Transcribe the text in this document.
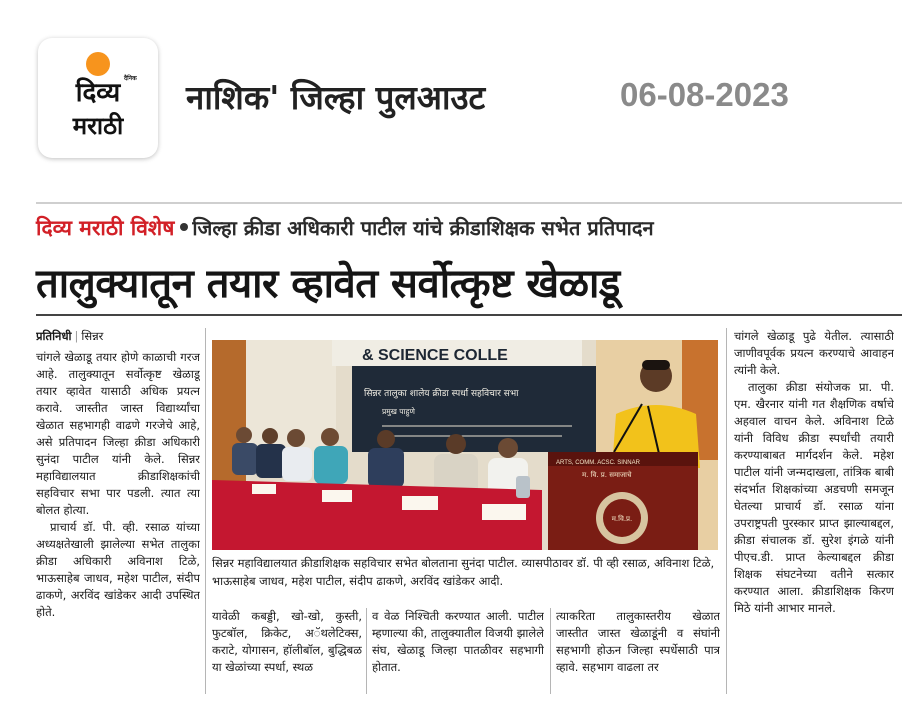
दैनिक
दिव्य
मराठी
नाशिक' जिल्हा पुलआउट	06-08-2023
दिव्य मराठी विशेष जिल्हा क्रीडा अधिकारी पाटील यांचे क्रीडाशिक्षक सभेत प्रतिपादन
तालुक्यातून तयार व्हावेत सर्वोत्कृष्ट खेळाडू
प्रतिनिधी | सिन्नर

चांगले खेळाडू तयार होणे काळाची गरज आहे. तालुक्यातून सर्वोत्कृष्ट खेळाडू तयार व्हावेत यासाठी अधिक प्रयत्न करावे. जास्तीत जास्त विद्यार्थ्यांचा खेळात सहभागही वाढणे गरजेचे आहे, असे प्रतिपादन जिल्हा क्रीडा अधिकारी सुनंदा पाटील यांनी केले. सिन्नर महाविद्यालयात क्रीडाशिक्षकांची सहविचार सभा पार पडली. त्यात त्या बोलत होत्या.

प्राचार्य डॉ. पी. व्ही. रसाळ यांच्या अध्यक्षतेखाली झालेल्या सभेत तालुका क्रीडा अधिकारी अविनाश टिळे, भाऊसाहेब जाधव, महेश पाटील, संदीप ढाकणे, अरविंद खांडेकर आदी उपस्थित होते.

& SCIENCE COLLE
सिन्नर तालुका शालेय क्रीडा स्पर्धा सहविचार सभा
प्रमुख पाहुणे
म. वि. प्र. समाजाचे
ARTS, COMM. ACSC. SINNAR
म.वि.प्र.
सिन्नर महाविद्यालयात क्रीडाशिक्षक सहविचार सभेत बोलताना सुनंदा पाटील. व्यासपीठावर डॉ. पी व्ही रसाळ, अविनाश टिळे, भाऊसाहेब जाधव, महेश पाटील, संदीप ढाकणे, अरविंद खांडेकर आदी.

यावेळी कबड्डी, खो-खो, कुस्ती, फुटबॉल, क्रिकेट, अॅथलेटिक्स, कराटे, योगासन, हॉलीबॉल, बुद्धिबळ या खेळांच्या स्पर्धा, स्थळ

व वेळ निश्चिती करण्यात आली. पाटील म्हणाल्या की, तालुक्यातील विजयी झालेले संघ, खेळाडू जिल्हा पातळीवर सहभागी होतात.

त्याकरिता तालुकास्तरीय खेळात जास्तीत जास्त खेळाडूंनी व संघांनी सहभागी होऊन जिल्हा स्पर्धेसाठी पात्र व्हावे. सहभाग वाढला तर

चांगले खेळाडू पुढे येतील. त्यासाठी जाणीवपूर्वक प्रयत्न करण्याचे आवाहन त्यांनी केले.

तालुका क्रीडा संयोजक प्रा. पी. एम. खैरनार यांनी गत शैक्षणिक वर्षाचे अहवाल वाचन केले. अविनाश टिळे यांनी विविध क्रीडा स्पर्धांची तयारी करण्याबाबत मार्गदर्शन केले. महेश पाटील यांनी जन्मदाखला, तांत्रिक बाबी संदर्भात शिक्षकांच्या अडचणी समजून घेतल्या प्राचार्य डॉ. रसाळ यांना उपराष्ट्रपती पुरस्कार प्राप्त झाल्याबद्दल, क्रीडा संचालक डॉ. सुरेश इंगळे यांनी पीएच.डी. प्राप्त केल्याबद्दल क्रीडा शिक्षक संघटनेच्या वतीने सत्कार करण्यात आला. क्रीडाशिक्षक किरण मिठे यांनी आभार मानले.
